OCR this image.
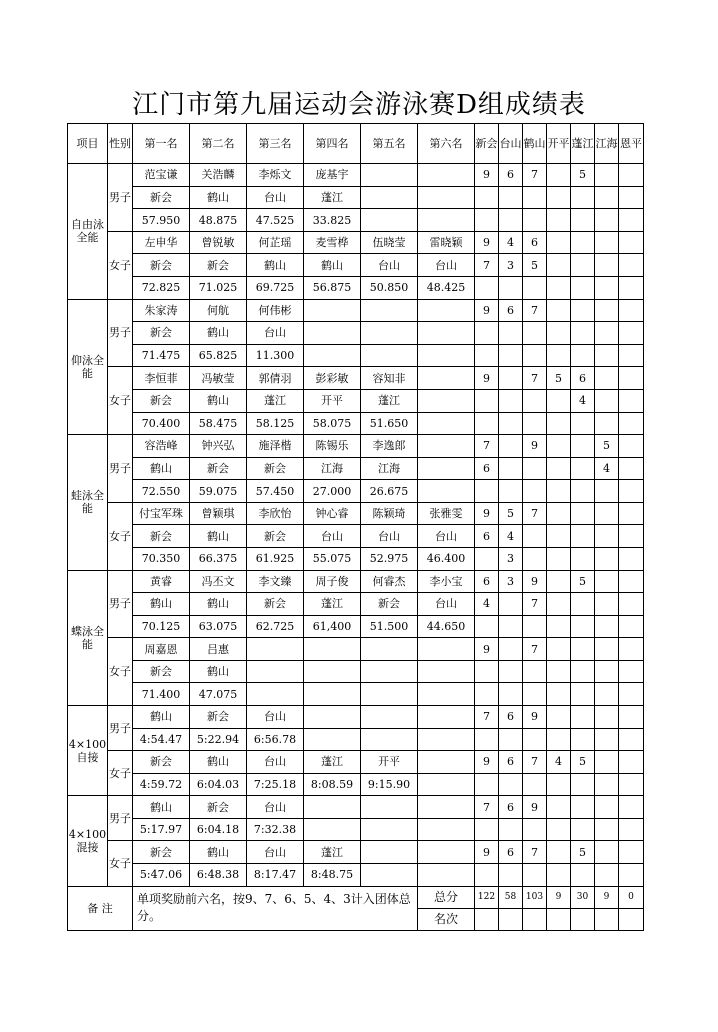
江门市第九届运动会游泳赛D组成绩表
项目	性别	第一名	第二名	第三名	第四名	第五名	第六名	新会	台山	鹤山	开平	蓬江	江海	恩平
自由泳全能	男子	范宝谦	关浩麟	李烁文	庞基宇			9	6	7		5		
		新会	鹤山	台山	蓬江									
		57.950	48.875	47.525	33.825									
	女子	左申华	曾锐敏	何芷瑶	麦雪桦	伍晓莹	雷晓颖	9	4	6				
		新会	新会	鹤山	鹤山	台山	台山	7	3	5				
		72.825	71.025	69.725	56.875	50.850	48.425							
仰泳全能	男子	朱家涛	何航	何伟彬				9	6	7				
		新会	鹤山	台山										
		71.475	65.825	11.300										
	女子	李恒菲	冯敏莹	郭倩羽	彭彩敏	容知非		9		7	5	6		
		新会	鹤山	蓬江	开平	蓬江						4		
		70.400	58.475	58.125	58.075	51.650								
蛙泳全能	男子	容浩峰	钟兴弘	施泽楷	陈锡乐	李逸郎		7		9			5	
		鹤山	新会	新会	江海	江海		6					4	
		72.550	59.075	57.450	27.000	26.675								
	女子	付宝军珠	曾颖琪	李欣怡	钟心睿	陈颖琦	张雅雯	9	5	7				
		新会	鹤山	新会	台山	台山	台山	6	4					
		70.350	66.375	61.925	55.075	52.975	46.400		3					
蝶泳全能	男子	黄睿	冯丕文	李文臻	周子俊	何睿杰	李小宝	6	3	9		5		
		鹤山	鹤山	新会	蓬江	新会	台山	4		7				
		70.125	63.075	62.725	61,400	51.500	44.650							
	女子	周嘉恩	吕惠					9		7				
		新会	鹤山											
		71.400	47.075											
4×100自接	男子	鹤山	新会	台山				7	6	9				
		4:54.47	5:22.94	6:56.78										
	女子	新会	鹤山	台山	蓬江	开平		9	6	7	4	5		
		4:59.72	6:04.03	7:25.18	8:08.59	9:15.90								
4×100混接	男子	鹤山	新会	台山				7	6	9				
		5:17.97	6:04.18	7:32.38										
	女子	新会	鹤山	台山	蓬江			9	6	7		5		
		5:47.06	6:48.38	8:17.47	8:48.75									
备 注		单项奖励前六名，按9、7、6、5、4、3计入团体总分。					总分	122	58	103	9	30	9	0
							名次							
